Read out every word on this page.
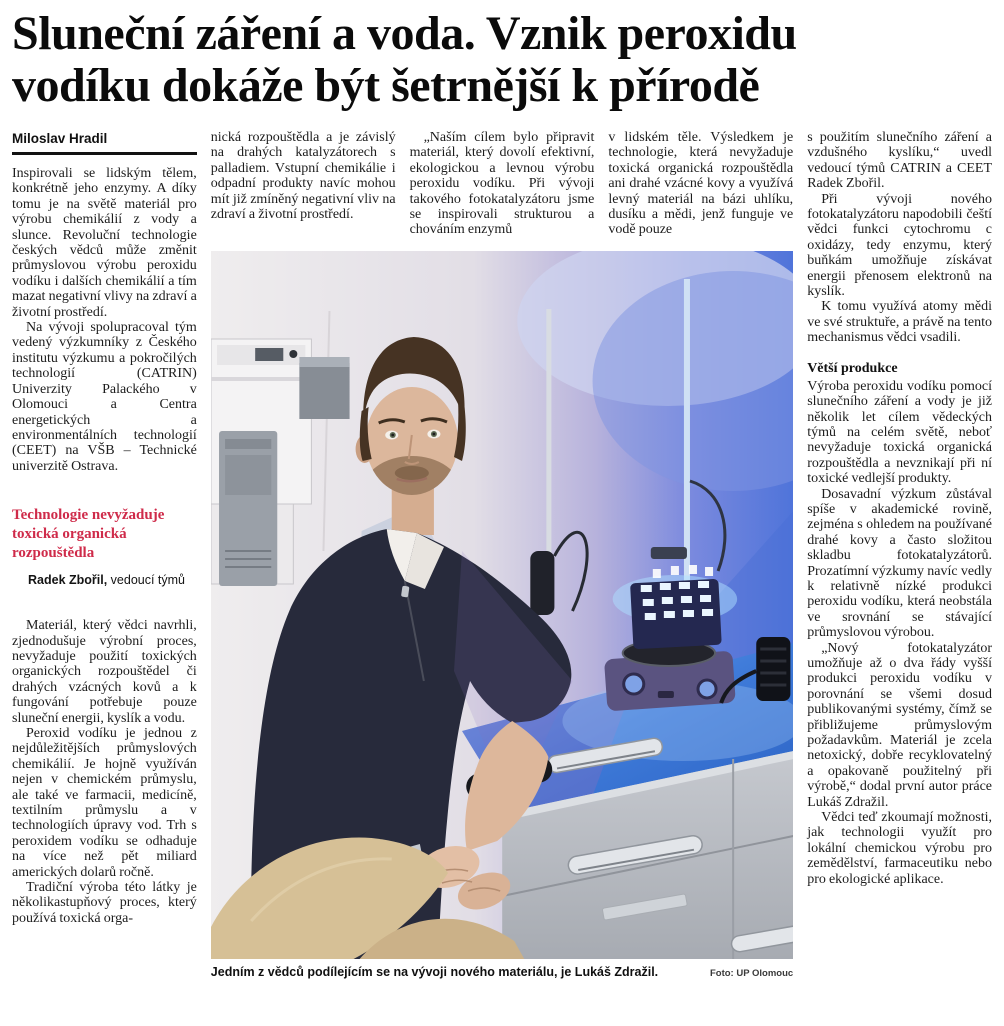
Sluneční záření a voda. Vznik peroxidu
vodíku dokáže být šetrnější k přírodě
Miloslav Hradil

Inspirovali se lidským tělem, konkrétně jeho enzymy. A díky tomu je na světě materiál pro výrobu chemikálií z vody a slunce. Revoluční technologie českých vědců může změnit průmyslovou výrobu peroxidu vodíku i dalších chemikálií a tím mazat negativní vlivy na zdraví a životní prostředí.

Na vývoji spolupracoval tým vedený výzkumníky z Českého institutu výzkumu a pokročilých technologií (CATRIN) Univerzity Palackého v Olomouci a Centra energetických a environmentálních technologií (CEET) na VŠB – Technické univerzitě Ostrava.

Technologie nevyžaduje toxická organická rozpouštědla

Radek Zbořil, vedoucí týmů

Materiál, který vědci navrhli, zjednodušuje výrobní proces, nevyžaduje použití toxických organických rozpouštědel či drahých vzácných kovů a k fungování potřebuje pouze sluneční energii, kyslík a vodu.

Peroxid vodíku je jednou z nejdůležitějších průmyslových chemikálií. Je hojně využíván nejen v chemickém průmyslu, ale také ve farmacii, medicíně, textilním průmyslu a v technologiích úpravy vod. Trh s peroxidem vodíku se odhaduje na více než pět miliard amerických dolarů ročně.

Tradiční výroba této látky je několikastupňový proces, který používá toxická orga-

nická rozpouštědla a je závislý na drahých katalyzátorech s palladiem. Vstupní chemikálie i odpadní produkty navíc mohou mít již zmíněný negativní vliv na zdraví a životní prostředí.

„Naším cílem bylo připravit materiál, který dovolí efektivní, ekologickou a levnou výrobu peroxidu vodíku. Při vývoji takového fotokatalyzátoru jsme se inspirovali strukturou a chováním enzymů

v lidském těle. Výsledkem je technologie, která nevyžaduje toxická organická rozpouštědla ani drahé vzácné kovy a využívá levný materiál na bázi uhlíku, dusíku a mědi, jenž funguje ve vodě pouze

Jedním z vědců podílejícím se na vývoji nového materiálu, je Lukáš Zdražil.	Foto: UP Olomouc

s použitím slunečního záření a vzdušného kyslíku,“ uvedl vedoucí týmů CATRIN a CEET Radek Zbořil.

Při vývoji nového fotokatalyzátoru napodobili čeští vědci funkci cytochromu c oxidázy, tedy enzymu, který buňkám umožňuje získávat energii přenosem elektronů na kyslík.

K tomu využívá atomy mědi ve své struktuře, a právě na tento mechanismus vědci vsadili.

Větší produkce

Výroba peroxidu vodíku pomocí slunečního záření a vody je již několik let cílem vědeckých týmů na celém světě, neboť nevyžaduje toxická organická rozpouštědla a nevznikají při ní toxické vedlejší produkty.

Dosavadní výzkum zůstával spíše v akademické rovině, zejména s ohledem na používané drahé kovy a často složitou skladbu fotokatalyzátorů. Prozatímní výzkumy navíc vedly k relativně nízké produkci peroxidu vodíku, která neobstála ve srovnání se stávající průmyslovou výrobou.

„Nový fotokatalyzátor umožňuje až o dva řády vyšší produkci peroxidu vodíku v porovnání se všemi dosud publikovanými systémy, čímž se přibližujeme průmyslovým požadavkům. Materiál je zcela netoxický, dobře recyklovatelný a opakovaně použitelný při výrobě,“ dodal první autor práce Lukáš Zdražil.

Vědci teď zkoumají možnosti, jak technologii využít pro lokální chemickou výrobu pro zemědělství, farmaceutiku nebo pro ekologické aplikace.
